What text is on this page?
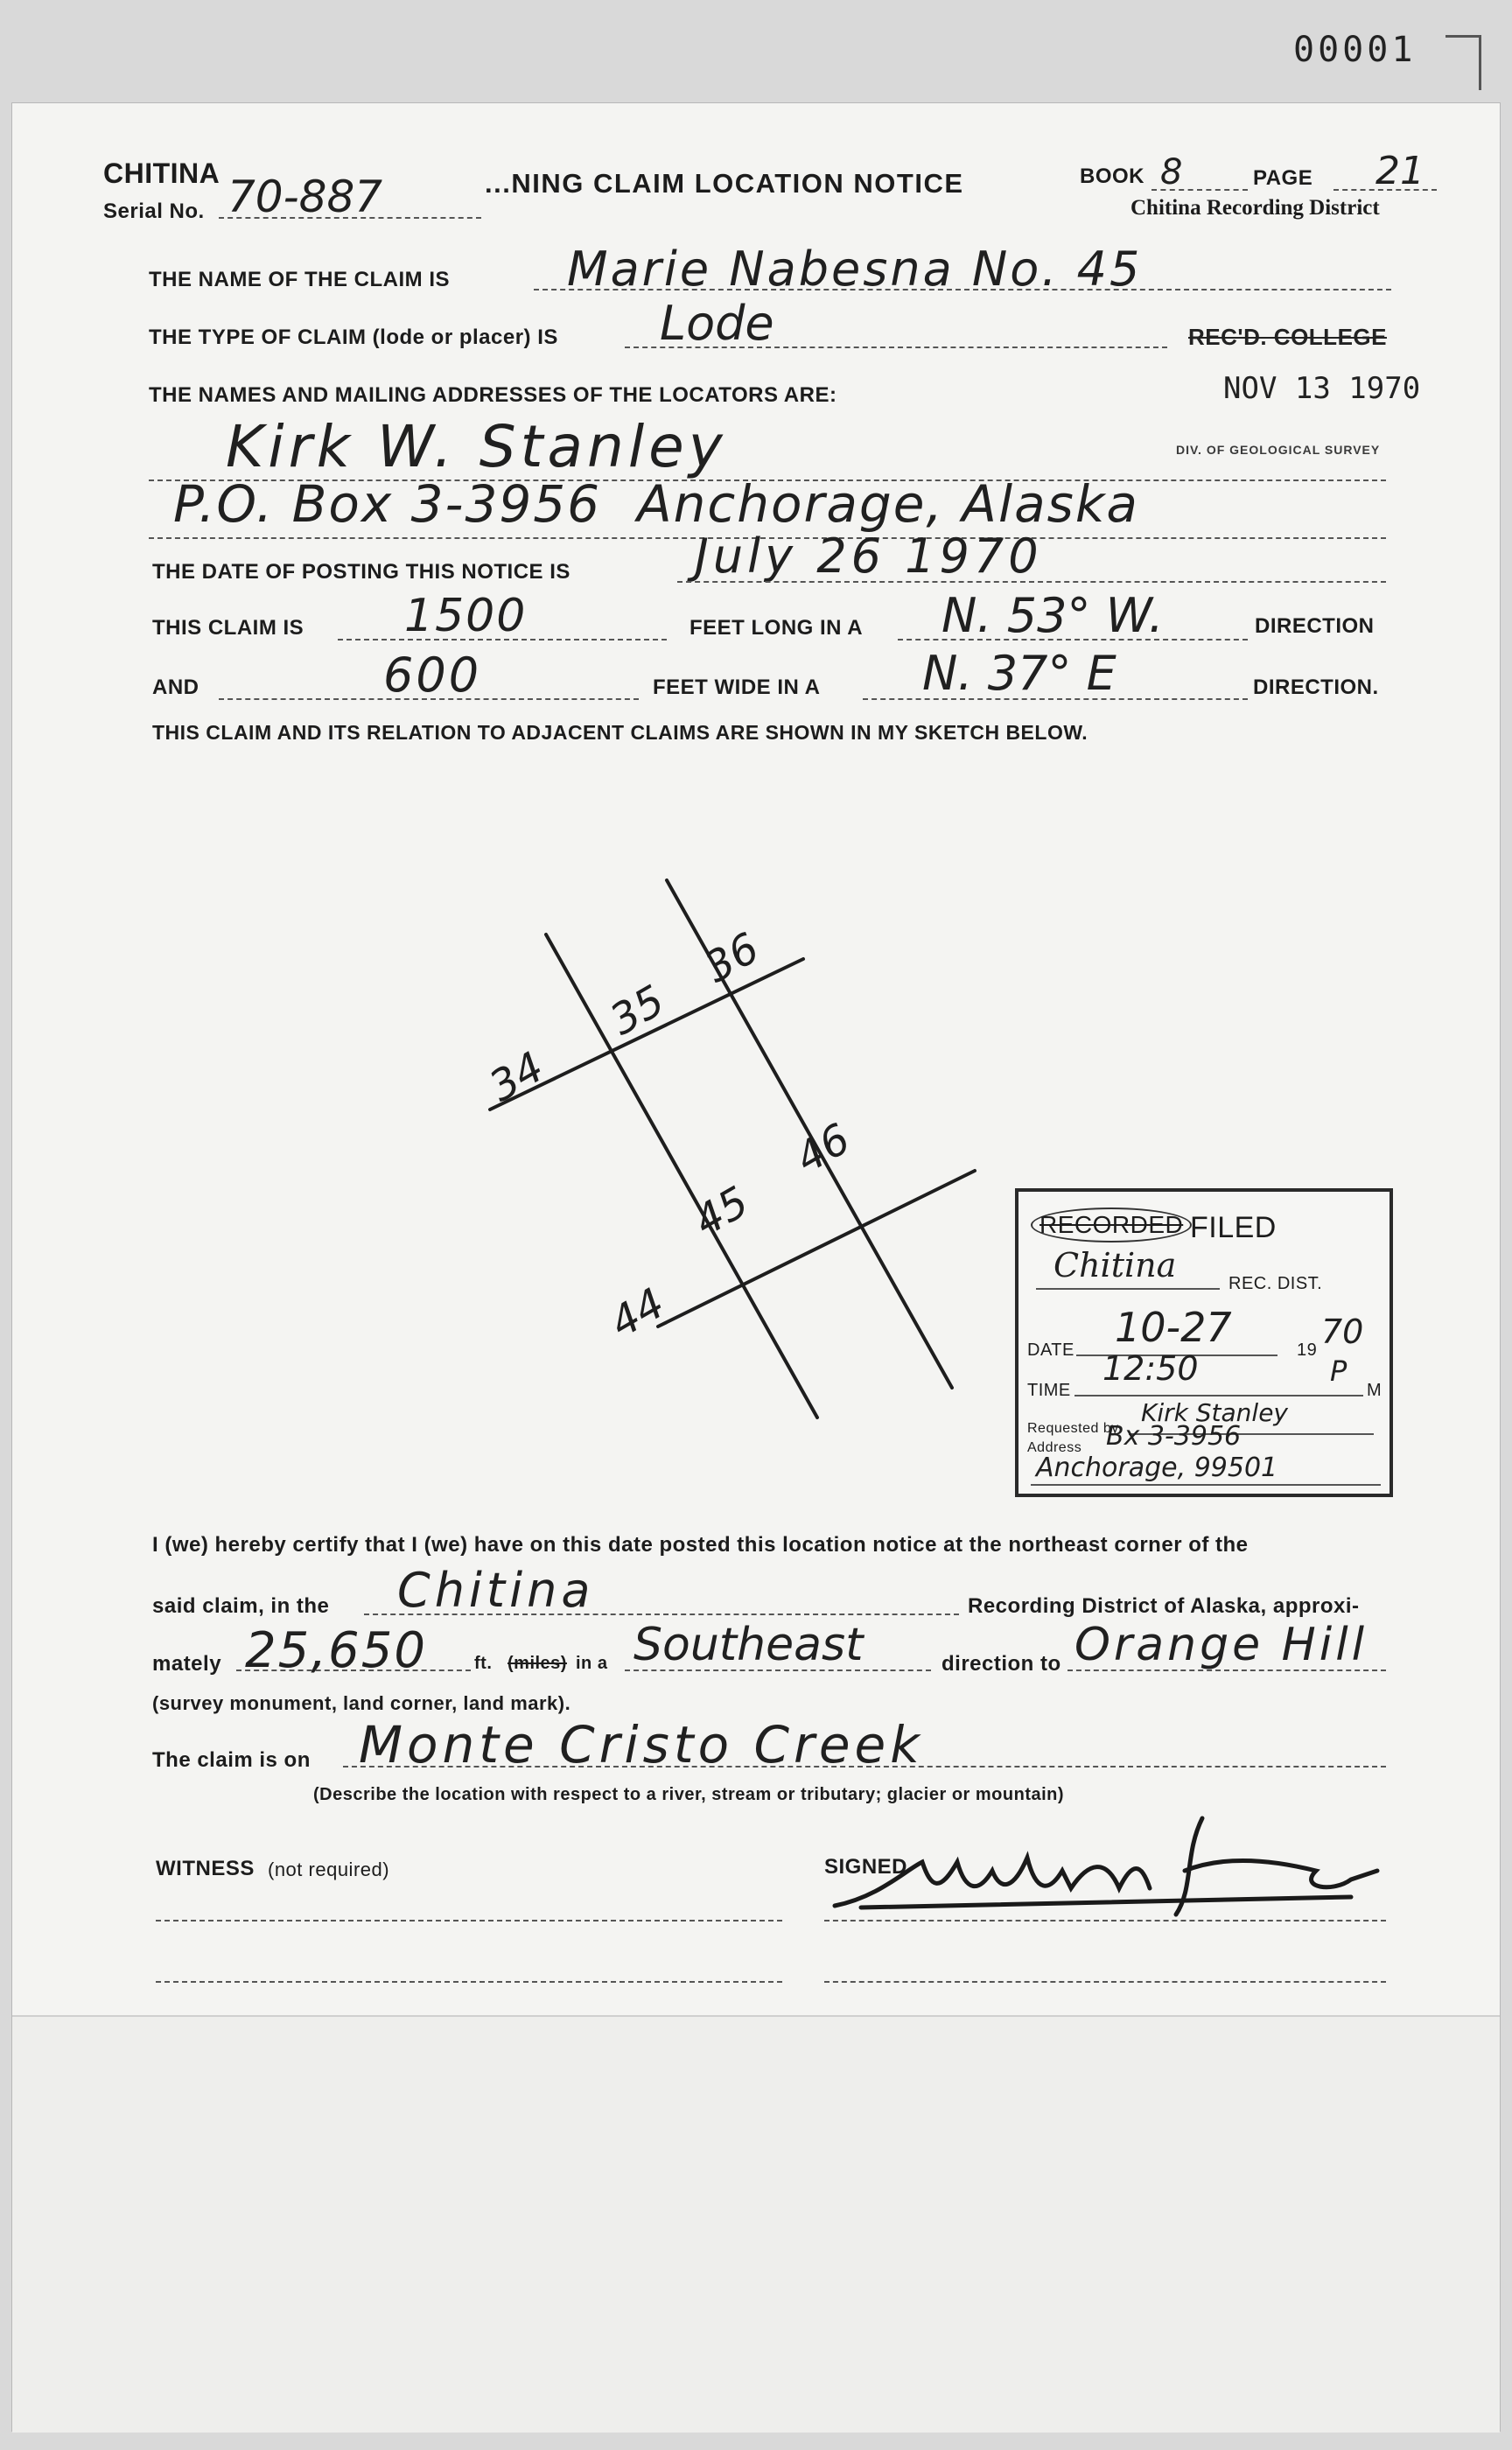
00001
CHITINA
Serial No. 70-887	...NING CLAIM LOCATION NOTICE	BOOK 8	PAGE 21
Chitina Recording District
THE NAME OF THE CLAIM IS Marie Nabesna No. 45
THE TYPE OF CLAIM (lode or placer) IS Lode	REC'D. COLLEGE
NOV 13 1970
DIV. OF GEOLOGICAL SURVEY
THE NAMES AND MAILING ADDRESSES OF THE LOCATORS ARE:
Kirk W. Stanley
P.O. Box 3-3956  Anchorage, Alaska
THE DATE OF POSTING THIS NOTICE IS	July 26 1970
THIS CLAIM IS 1500	FEET LONG IN A N. 53° W.	DIRECTION
AND	600	FEET WIDE IN A N. 37° E	DIRECTION.
THIS CLAIM AND ITS RELATION TO ADJACENT CLAIMS ARE SHOWN IN MY SKETCH BELOW.
34
35
36
44
45
46
RECORDED FILED
Chitina	REC. DIST.
DATE 10-27	19 70
TIME
12:50	P
M
Requested by
Kirk Stanley
Address Bx 3-3956
Anchorage, 99501
I (we) hereby certify that I (we) have on this date posted this location notice at the northeast corner of the
said claim, in the Chitina	Recording District of Alaska, approxi-
mately 25,650	ft. (miles) in a Southeast	direction to Orange Hill
(survey monument, land corner, land mark).
The claim is on Monte Cristo Creek
(Describe the location with respect to a river, stream or tributary; glacier or mountain)
WITNESS (not required)	SIGNED
